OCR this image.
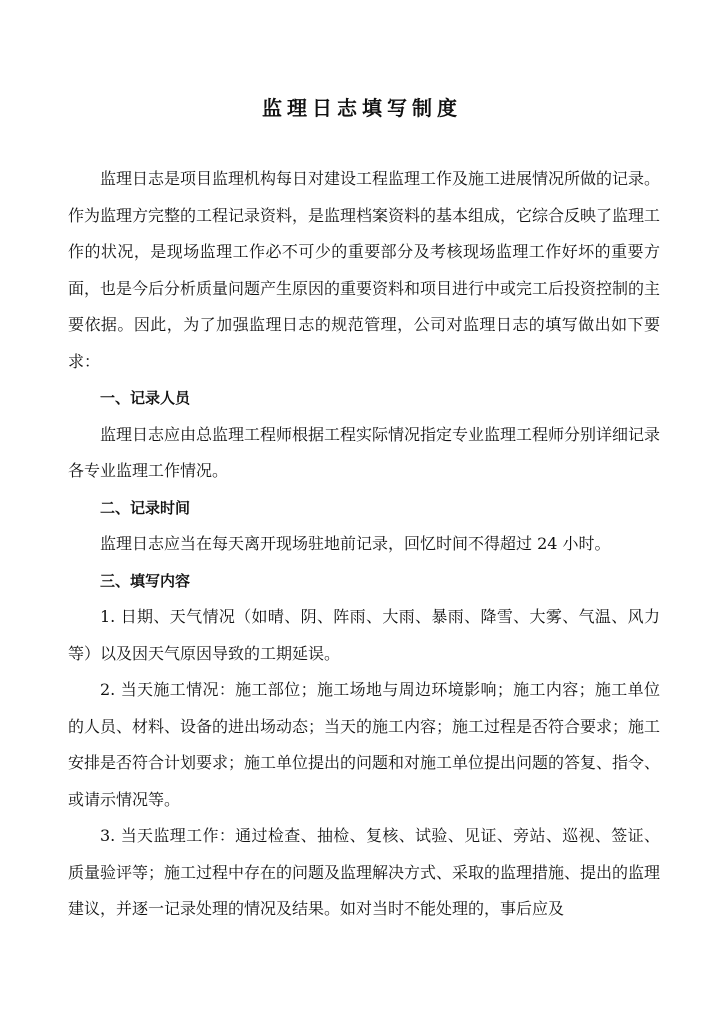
监理日志填写制度

监理日志是项目监理机构每日对建设工程监理工作及施工进展情况所做的记录。作为监理方完整的工程记录资料，是监理档案资料的基本组成，它综合反映了监理工作的状况，是现场监理工作必不可少的重要部分及考核现场监理工作好坏的重要方面，也是今后分析质量问题产生原因的重要资料和项目进行中或完工后投资控制的主要依据。因此，为了加强监理日志的规范管理，公司对监理日志的填写做出如下要求：

一、记录人员

监理日志应由总监理工程师根据工程实际情况指定专业监理工程师分别详细记录各专业监理工作情况。

二、记录时间

监理日志应当在每天离开现场驻地前记录，回忆时间不得超过 24 小时。

三、填写内容

1. 日期、天气情况（如晴、阴、阵雨、大雨、暴雨、降雪、大雾、气温、风力等）以及因天气原因导致的工期延误。

2. 当天施工情况：施工部位；施工场地与周边环境影响；施工内容；施工单位的人员、材料、设备的进出场动态；当天的施工内容；施工过程是否符合要求；施工安排是否符合计划要求；施工单位提出的问题和对施工单位提出问题的答复、指令、或请示情况等。

3. 当天监理工作：通过检查、抽检、复核、试验、见证、旁站、巡视、签证、质量验评等；施工过程中存在的问题及监理解决方式、采取的监理措施、提出的监理建议，并逐一记录处理的情况及结果。如对当时不能处理的，事后应及
